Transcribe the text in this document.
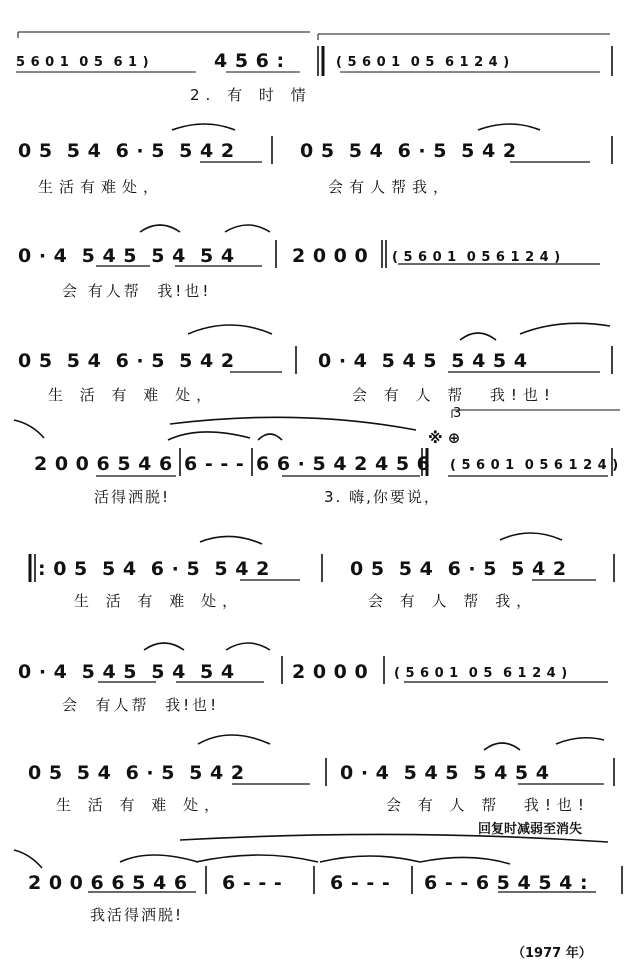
5 6 0 1  0 5  6 1 )	4 5 6 :	( 5 6 0 1  0 5  6 1 2 4 )
2. 有 时 情
0 5  5 4  6 · 5  5 4 2	0 5  5 4  6 · 5  5 4 2
生活有难处，	会有人帮我，
0 · 4  5 4 5  5 4  5 4	2 0 0 0 ( 5 6 0 1  0 5 6 1 2 4 )
会 有人帮  我!也!
0 5  5 4  6 · 5  5 4 2	0 · 4  5 4 5  5 4 5 4
生 活 有 难 处，	会 有 人 帮  我!也!
2 0 0 6 5 4 6 6 - - - 6 6 · 5 4 2 4 5 6 ( 5 6 0 1  0 5 6 1 2 4 )
活得洒脱!	3. 嗨,你要说，
3
※ ⊕
: 0 5  5 4  6 · 5  5 4 2	0 5  5 4  6 · 5  5 4 2
生 活 有 难 处，	会 有 人 帮 我，
0 · 4  5 4 5  5 4  5 4	2 0 0 0 ( 5 6 0 1  0 5  6 1 2 4 )
会  有人帮  我!也!
0 5  5 4  6 · 5  5 4 2	0 · 4  5 4 5  5 4 5 4
生 活 有 难 处，	会 有 人 帮  我!也!
回复时减弱至消失
2 0 0 6 6 5 4 6 6 - - -	6 - - - 6 - - 6 5 4 5 4 :
我活得洒脱!
（1977 年）
